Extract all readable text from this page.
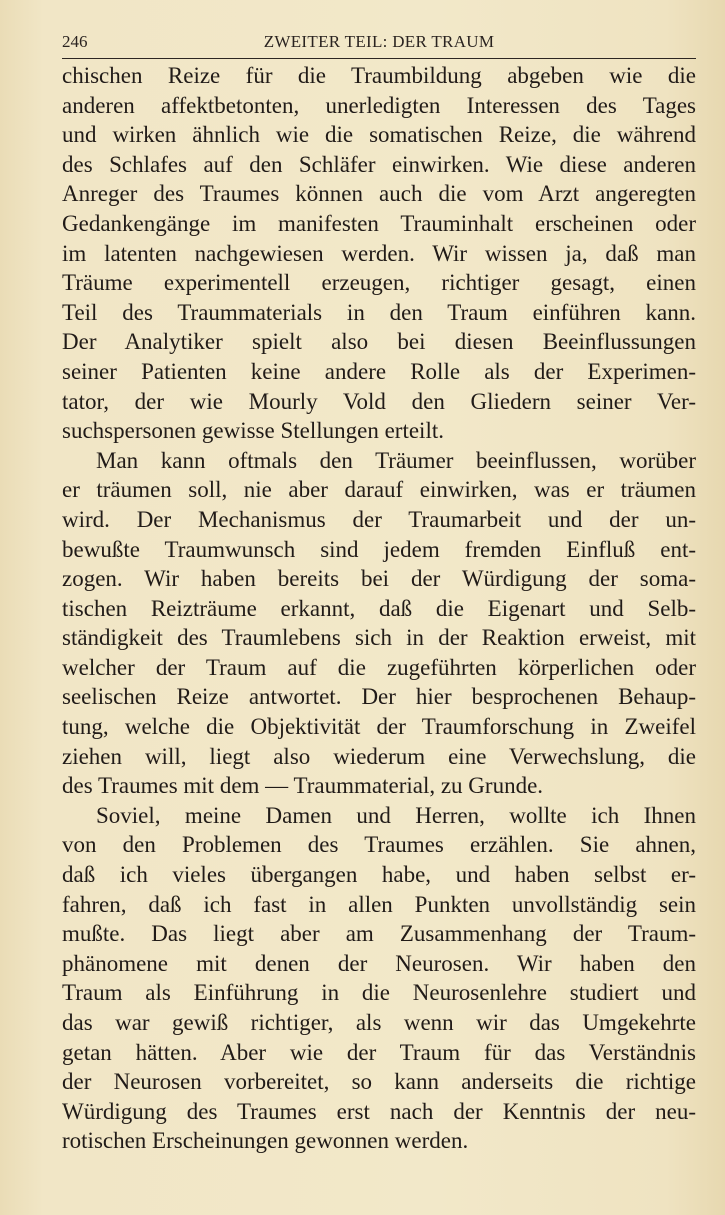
246	ZWEITER TEIL: DER TRAUM
chischen Reize für die Traumbildung abgeben wie die
anderen affektbetonten, unerledigten Interessen des Tages
und wirken ähnlich wie die somatischen Reize, die während
des Schlafes auf den Schläfer einwirken. Wie diese anderen
Anreger des Traumes können auch die vom Arzt angeregten
Gedankengänge im manifesten Trauminhalt erscheinen oder
im latenten nachgewiesen werden. Wir wissen ja, daß man
Träume experimentell erzeugen, richtiger gesagt, einen
Teil des Traummaterials in den Traum einführen kann.
Der Analytiker spielt also bei diesen Beeinflussungen
seiner Patienten keine andere Rolle als der Experimen-
tator, der wie Mourly Vold den Gliedern seiner Ver-
suchspersonen gewisse Stellungen erteilt.
Man kann oftmals den Träumer beeinflussen, worüber
er träumen soll, nie aber darauf einwirken, was er träumen
wird. Der Mechanismus der Traumarbeit und der un-
bewußte Traumwunsch sind jedem fremden Einfluß ent-
zogen. Wir haben bereits bei der Würdigung der soma-
tischen Reizträume erkannt, daß die Eigenart und Selb-
ständigkeit des Traumlebens sich in der Reaktion erweist, mit
welcher der Traum auf die zugeführten körperlichen oder
seelischen Reize antwortet. Der hier besprochenen Behaup-
tung, welche die Objektivität der Traumforschung in Zweifel
ziehen will, liegt also wiederum eine Verwechslung, die
des Traumes mit dem — Traummaterial, zu Grunde.
Soviel, meine Damen und Herren, wollte ich Ihnen
von den Problemen des Traumes erzählen. Sie ahnen,
daß ich vieles übergangen habe, und haben selbst er-
fahren, daß ich fast in allen Punkten unvollständig sein
mußte. Das liegt aber am Zusammenhang der Traum-
phänomene mit denen der Neurosen. Wir haben den
Traum als Einführung in die Neurosenlehre studiert und
das war gewiß richtiger, als wenn wir das Umgekehrte
getan hätten. Aber wie der Traum für das Verständnis
der Neurosen vorbereitet, so kann anderseits die richtige
Würdigung des Traumes erst nach der Kenntnis der neu-
rotischen Erscheinungen gewonnen werden.
